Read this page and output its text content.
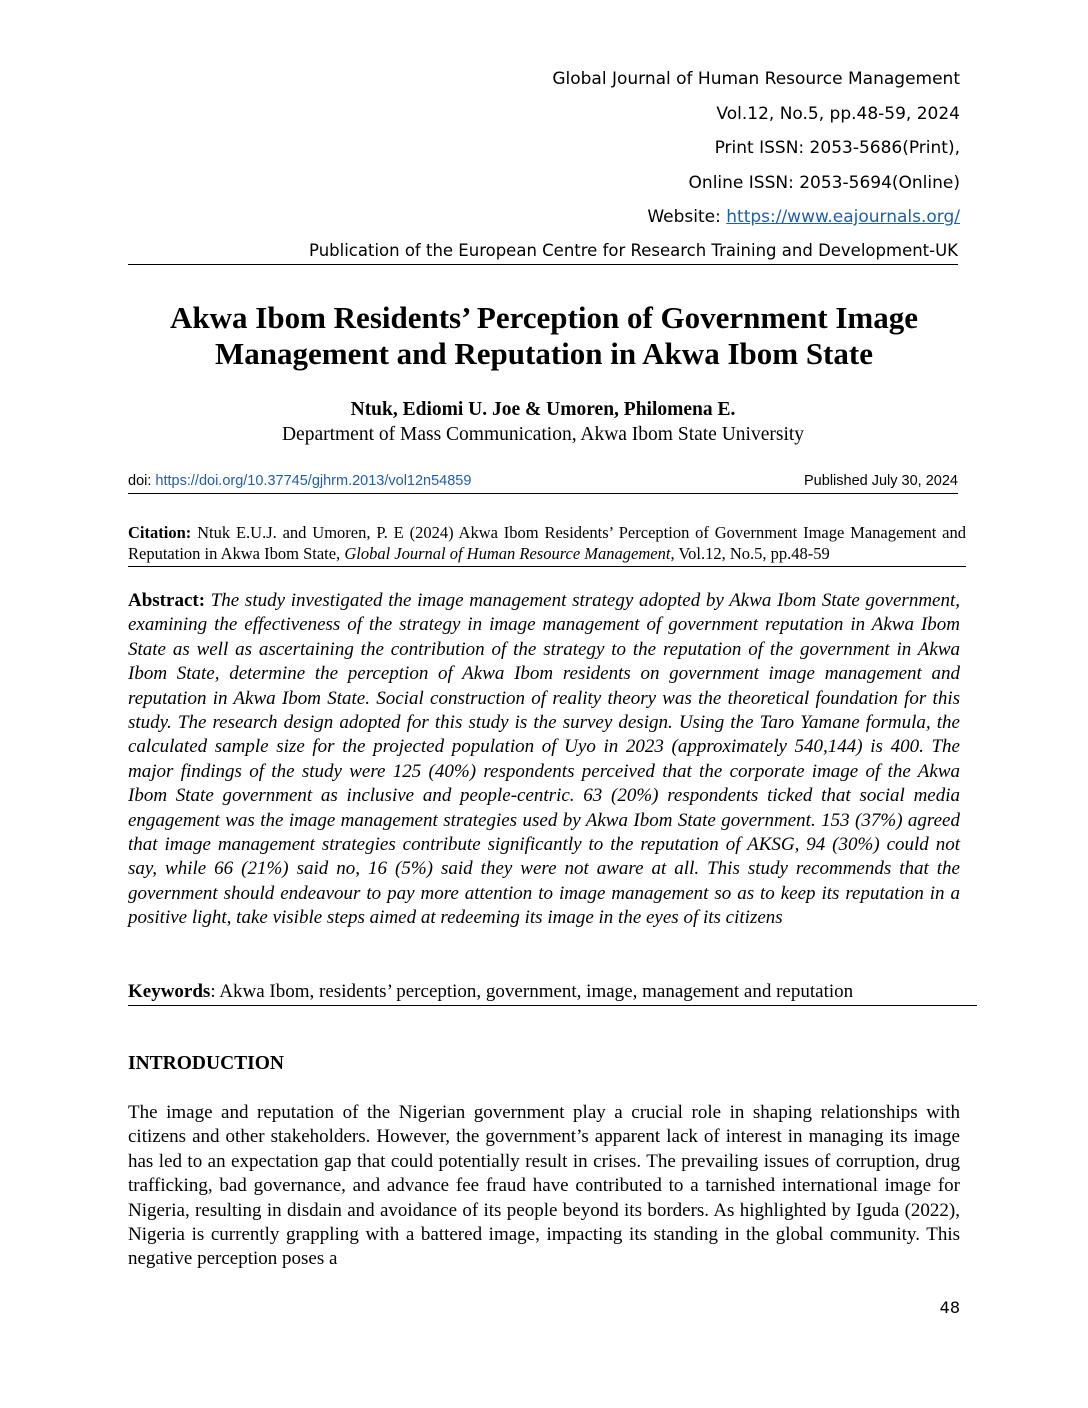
Global Journal of Human Resource Management
Vol.12, No.5, pp.48-59, 2024
Print ISSN: 2053-5686(Print),
Online ISSN: 2053-5694(Online)
Website: https://www.eajournals.org/
Publication of the European Centre for Research Training and Development-UK
Akwa Ibom Residents’ Perception of Government Image
Management and Reputation in Akwa Ibom State
Ntuk, Ediomi U. Joe & Umoren, Philomena E.
Department of Mass Communication, Akwa Ibom State University
doi: https://doi.org/10.37745/gjhrm.2013/vol12n54859	Published July 30, 2024
Citation: Ntuk E.U.J. and Umoren, P. E (2024) Akwa Ibom Residents’ Perception of Government Image Management and Reputation in Akwa Ibom State, Global Journal of Human Resource Management, Vol.12, No.5, pp.48-59
Abstract: The study investigated the image management strategy adopted by Akwa Ibom State government, examining the effectiveness of the strategy in image management of government reputation in Akwa Ibom State as well as ascertaining the contribution of the strategy to the reputation of the government in Akwa Ibom State, determine the perception of Akwa Ibom residents on government image management and reputation in Akwa Ibom State. Social construction of reality theory was the theoretical foundation for this study. The research design adopted for this study is the survey design. Using the Taro Yamane formula, the calculated sample size for the projected population of Uyo in 2023 (approximately 540,144) is 400. The major findings of the study were 125 (40%) respondents perceived that the corporate image of the Akwa Ibom State government as inclusive and people-centric. 63 (20%) respondents ticked that social media engagement was the image management strategies used by Akwa Ibom State government. 153 (37%) agreed that image management strategies contribute significantly to the reputation of AKSG, 94 (30%) could not say, while 66 (21%) said no, 16 (5%) said they were not aware at all. This study recommends that the government should endeavour to pay more attention to image management so as to keep its reputation in a positive light, take visible steps aimed at redeeming its image in the eyes of its citizens
Keywords: Akwa Ibom, residents’ perception, government, image, management and reputation
INTRODUCTION
The image and reputation of the Nigerian government play a crucial role in shaping relationships with citizens and other stakeholders. However, the government’s apparent lack of interest in managing its image has led to an expectation gap that could potentially result in crises. The prevailing issues of corruption, drug trafficking, bad governance, and advance fee fraud have contributed to a tarnished international image for Nigeria, resulting in disdain and avoidance of its people beyond its borders. As highlighted by Iguda (2022), Nigeria is currently grappling with a battered image, impacting its standing in the global community. This negative perception poses a
48
